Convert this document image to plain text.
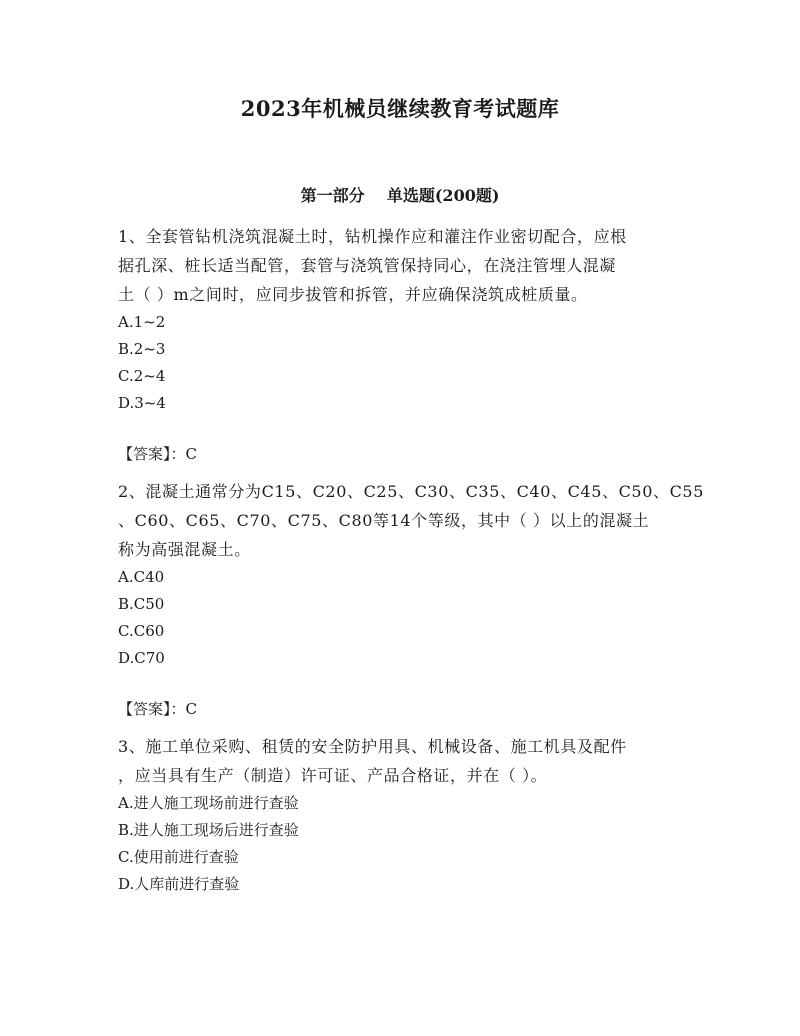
2023年机械员继续教育考试题库
第一部分    单选题(200题)
1、全套管钻机浇筑混凝土时，钻机操作应和灌注作业密切配合，应根
据孔深、桩长适当配管，套管与浇筑管保持同心，在浇注管埋人混凝
土（ ）m之间时，应同步拔管和拆管，并应确保浇筑成桩质量。
A.1~2
B.2~3
C.2~4
D.3~4
【答案】：C
2、混凝土通常分为C15、C20、C25、C30、C35、C40、C45、C50、C55
、C60、C65、C70、C75、C80等14个等级，其中（ ）以上的混凝土
称为高强混凝土。
A.C40
B.C50
C.C60
D.C70
【答案】：C
3、施工单位采购、租赁的安全防护用具、机械设备、施工机具及配件
，应当具有生产（制造）许可证、产品合格证，并在（ ）。
A.进人施工现场前进行查验
B.进人施工现场后进行查验
C.使用前进行查验
D.人库前进行查验
